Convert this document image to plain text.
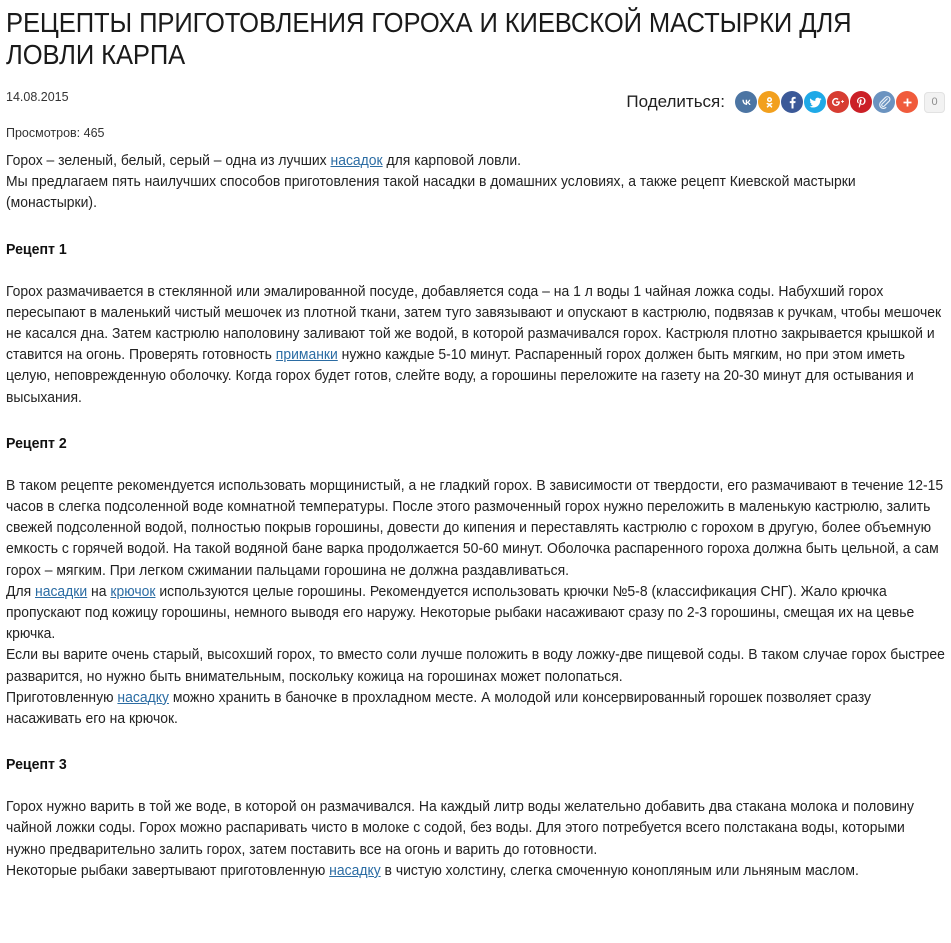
РЕЦЕПТЫ ПРИГОТОВЛЕНИЯ ГОРОХА И КИЕВСКОЙ МАСТЫРКИ ДЛЯ ЛОВЛИ КАРПА
14.08.2015
Просмотров: 465
Поделиться:	0

Горох – зеленый, белый, серый – одна из лучших насадок для карповой ловли.

Мы предлагаем пять наилучших способов приготовления такой насадки в домашних условиях, а также рецепт Киевской мастырки (монастырки).

Рецепт 1

Горох размачивается в стеклянной или эмалированной посуде, добавляется сода – на 1 л воды 1 чайная ложка соды. Набухший горох пересыпают в маленький чистый мешочек из плотной ткани, затем туго завязывают и опускают в кастрюлю, подвязав к ручкам, чтобы мешочек не касался дна. Затем кастрюлю наполовину заливают той же водой, в которой размачивался горох. Кастрюля плотно закрывается крышкой и ставится на огонь. Проверять готовность приманки нужно каждые 5-10 минут. Распаренный горох должен быть мягким, но при этом иметь целую, неповрежденную оболочку. Когда горох будет готов, слейте воду, а горошины переложите на газету на 20-30 минут для остывания и высыхания.

Рецепт 2

В таком рецепте рекомендуется использовать морщинистый, а не гладкий горох. В зависимости от твердости, его размачивают в течение 12-15 часов в слегка подсоленной воде комнатной температуры. После этого размоченный горох нужно переложить в маленькую кастрюлю, залить свежей подсоленной водой, полностью покрыв горошины, довести до кипения и переставлять кастрюлю с горохом в другую, более объемную емкость с горячей водой. На такой водяной бане варка продолжается 50-60 минут. Оболочка распаренного гороха должна быть цельной, а сам горох – мягким. При легком сжимании пальцами горошина не должна раздавливаться.

Для насадки на крючок используются целые горошины. Рекомендуется использовать крючки №5-8 (классификация СНГ). Жало крючка пропускают под кожицу горошины, немного выводя его наружу. Некоторые рыбаки насаживают сразу по 2-3 горошины, смещая их на цевье крючка.

Если вы варите очень старый, высохший горох, то вместо соли лучше положить в воду ложку-две пищевой соды. В таком случае горох быстрее разварится, но нужно быть внимательным, поскольку кожица на горошинах может полопаться.

Приготовленную насадку можно хранить в баночке в прохладном месте. А молодой или консервированный горошек позволяет сразу насаживать его на крючок.

Рецепт 3

Горох нужно варить в той же воде, в которой он размачивался. На каждый литр воды желательно добавить два стакана молока и половину чайной ложки соды. Горох можно распаривать чисто в молоке с содой, без воды. Для этого потребуется всего полстакана воды, которыми нужно предварительно залить горох, затем поставить все на огонь и варить до готовности.

Некоторые рыбаки завертывают приготовленную насадку в чистую холстину, слегка смоченную конопляным или льняным маслом.
